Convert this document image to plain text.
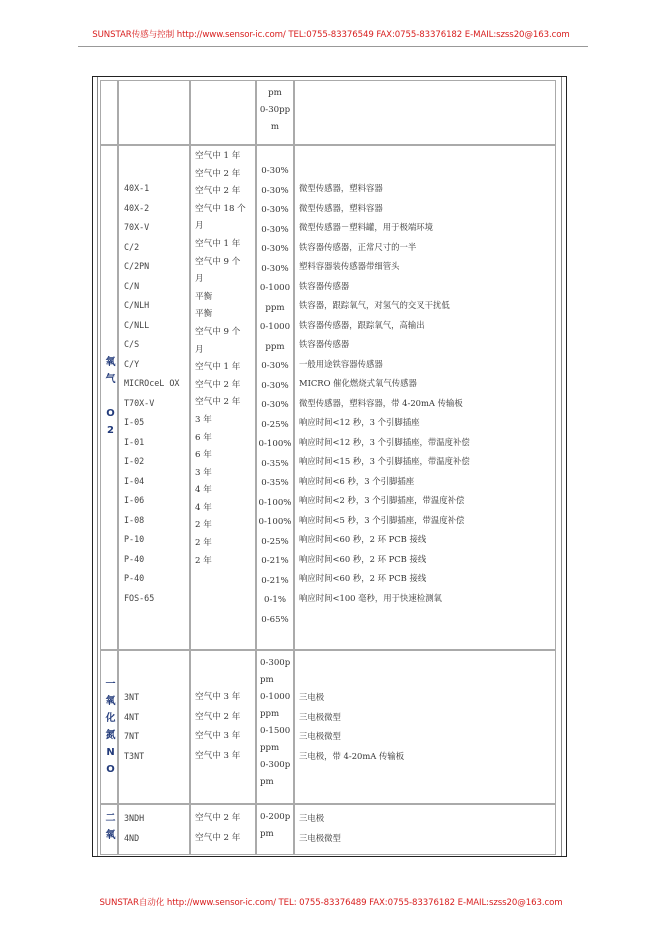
SUNSTAR传感与控制 http://www.sensor-ic.com/ TEL:0755-83376549 FAX:0755-83376182 E-MAIL:szss20@163.com
pm
0-30pp
m
氧
气

O
2
40X-1
40X-2
70X-V
C/2
C/2PN
C/N
C/NLH
C/NLL
C/S
C/Y
MICROceL OX
T70X-V
I-05
I-01
I-02
I-04
I-06
I-08
P-10
P-40
P-40
FOS-65
空气中 1 年
空气中 2 年
空气中 2 年
空气中 18 个
月
空气中 1 年
空气中 9 个
月
平衡
平衡
空气中 9 个
月
空气中 1 年
空气中 2 年
空气中 2 年
3 年
6 年
6 年
3 年
4 年
4 年
2 年
2 年
2 年
0-30%
0-30%
0-30%
0-30%
0-30%
0-30%
0-1000
ppm
0-1000
ppm
0-30%
0-30%
0-30%
0-25%
0-100%
0-35%
0-35%
0-100%
0-100%
0-25%
0-21%
0-21%
0-1%
0-65%
微型传感器，塑料容器
微型传感器，塑料容器
微型传感器－塑料罐，用于极端环境
铁容器传感器，正常尺寸的一半
塑料容器装传感器带细管头
铁容器传感器
铁容器，跟踪氧气，对氢气的交叉干扰低
铁容器传感器，跟踪氧气，高输出
铁容器传感器
一般用途铁容器传感器
MICRO 催化燃烧式氧气传感器
微型传感器，塑料容器，带 4-20mA 传输板
响应时间<12 秒，3 个引脚插座
响应时间<12 秒，3 个引脚插座，带温度补偿
响应时间<15 秒，3 个引脚插座，带温度补偿
响应时间<6 秒，3 个引脚插座
响应时间<2 秒，3 个引脚插座，带温度补偿
响应时间<5 秒，3 个引脚插座，带温度补偿
响应时间<60 秒，2 环 PCB 接线
响应时间<60 秒，2 环 PCB 接线
响应时间<60 秒，2 环 PCB 接线
响应时间<100 毫秒，用于快速检测氧
一
氧
化
氮
N
O
3NT
4NT
7NT
T3NT
空气中 3 年
空气中 2 年
空气中 3 年
空气中 3 年
0-300p
pm
0-1000
ppm
0-1500
ppm
0-300p
pm
三电极
三电极微型
三电极微型
三电极，带 4-20mA 传输板
二
氧
3NDH
4ND
空气中 2 年
空气中 2 年
0-200p
pm
三电极
三电极微型
SUNSTAR自动化 http://www.sensor-ic.com/ TEL: 0755-83376489 FAX:0755-83376182 E-MAIL:szss20@163.com
